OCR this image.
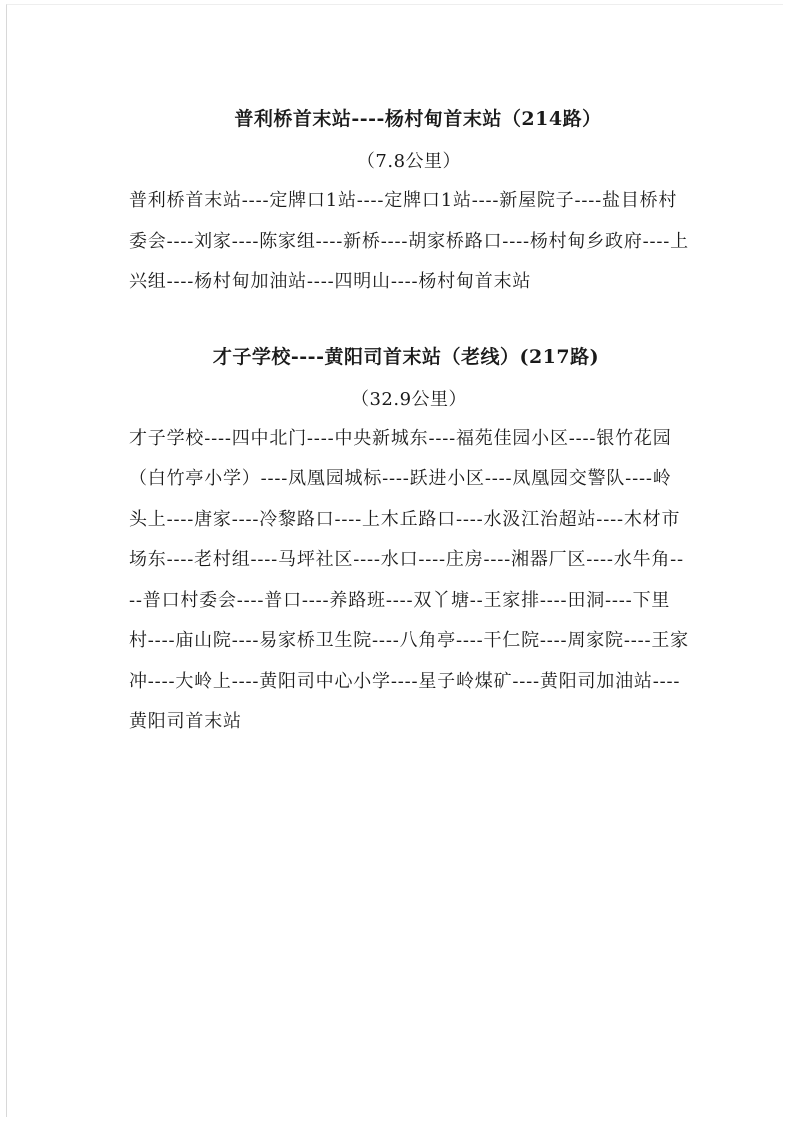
普利桥首末站----杨村甸首末站（214路）

（7.8公里）

普利桥首末站----定牌口1站----定牌口1站----新屋院子----盐目桥村委会----刘家----陈家组----新桥----胡家桥路口----杨村甸乡政府----上兴组----杨村甸加油站----四明山----杨村甸首末站

才子学校----黄阳司首末站（老线）(217路)

（32.9公里）

才子学校----四中北门----中央新城东----福苑佳园小区----银竹花园（白竹亭小学）----凤凰园城标----跃进小区----凤凰园交警队----岭头上----唐家----冷黎路口----上木丘路口----水汲江治超站----木材市场东----老村组----马坪社区----水口----庄房----湘器厂区----水牛角----普口村委会----普口----养路班----双丫塘--王家排----田洞----下里村----庙山院----易家桥卫生院----八角亭----干仁院----周家院----王家冲----大岭上----黄阳司中心小学----星子岭煤矿----黄阳司加油站----黄阳司首末站
